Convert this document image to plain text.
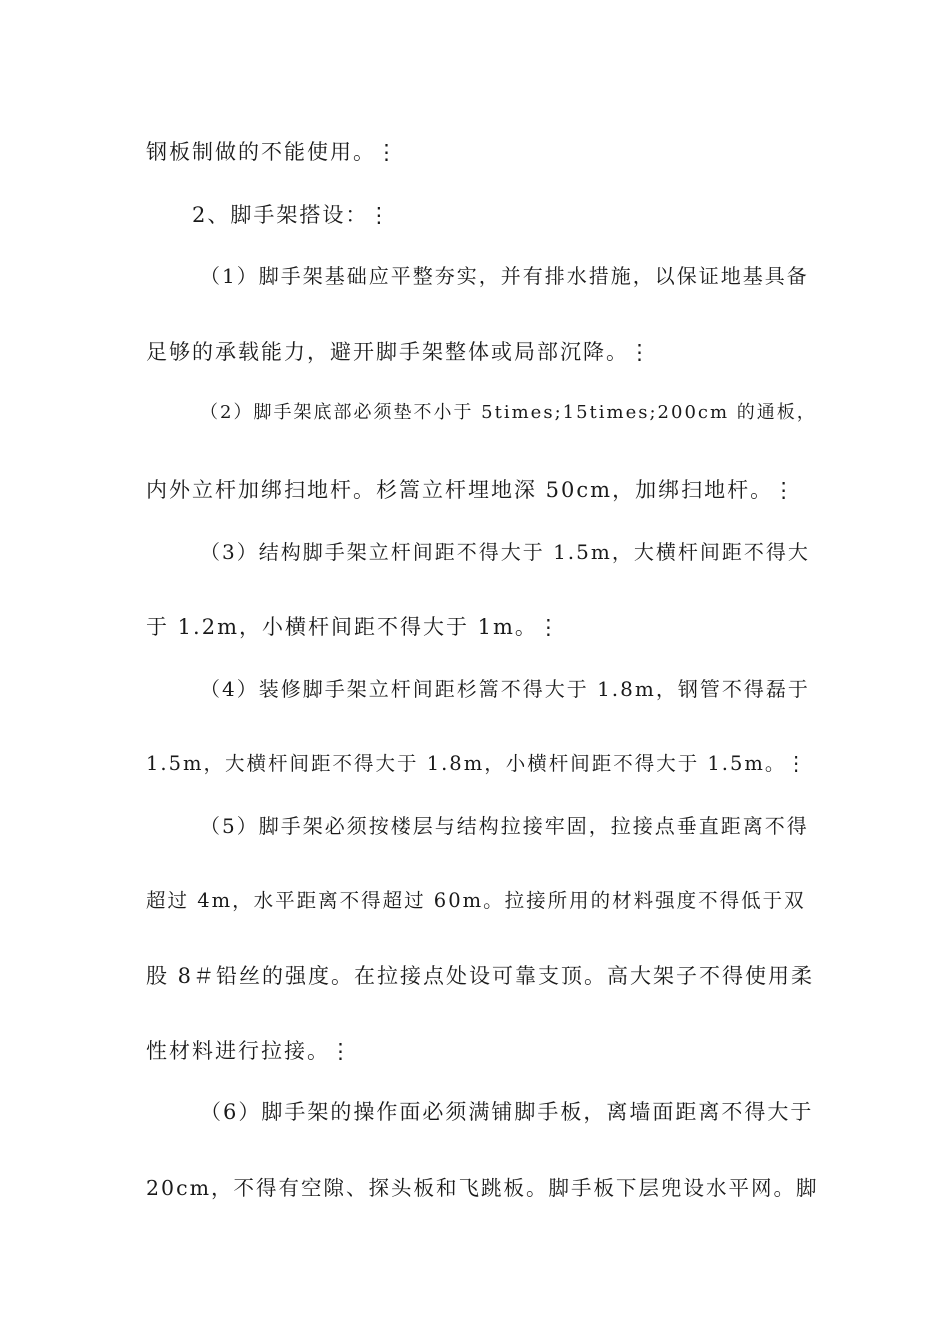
钢板制做的不能使用。⋮
2、脚手架搭设：⋮
（1）脚手架基础应平整夯实，并有排水措施，以保证地基具备
足够的承载能力，避开脚手架整体或局部沉降。⋮
（2）脚手架底部必须垫不小于 5times;15times;200cm 的通板，
内外立杆加绑扫地杆。杉篙立杆埋地深 50cm，加绑扫地杆。⋮
（3）结构脚手架立杆间距不得大于 1.5m，大横杆间距不得大
于 1.2m，小横杆间距不得大于 1m。⋮
（4）装修脚手架立杆间距杉篙不得大于 1.8m，钢管不得磊于
1.5m，大横杆间距不得大于 1.8m，小横杆间距不得大于 1.5m。⋮
（5）脚手架必须按楼层与结构拉接牢固，拉接点垂直距离不得
超过 4m，水平距离不得超过 60m。拉接所用的材料强度不得低于双
股 8＃铅丝的强度。在拉接点处设可靠支顶。高大架子不得使用柔
性材料进行拉接。⋮
（6）脚手架的操作面必须满铺脚手板，离墙面距离不得大于
20cm，不得有空隙、探头板和飞跳板。脚手板下层兜设水平网。脚
